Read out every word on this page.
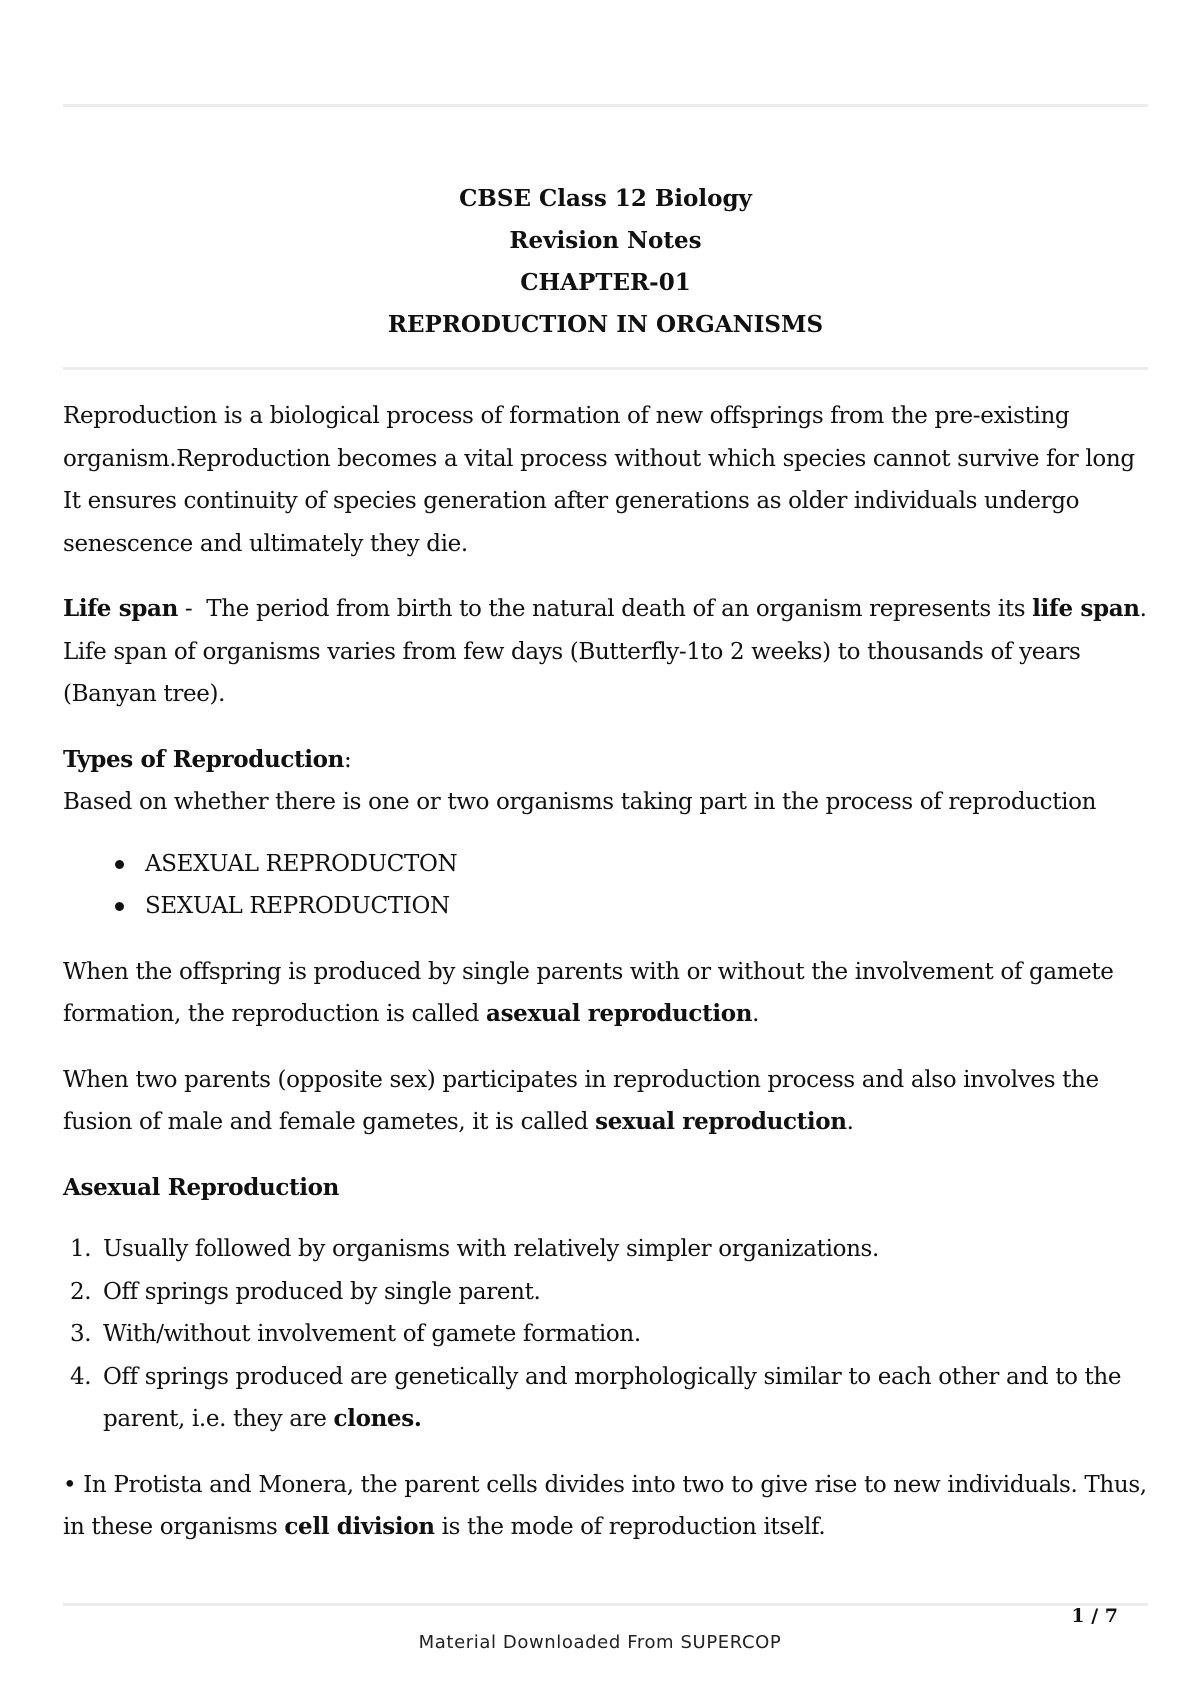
CBSE Class 12 Biology
Revision Notes
CHAPTER-01
REPRODUCTION IN ORGANISMS

Reproduction is a biological process of formation of new offsprings from the pre-existing organism.Reproduction becomes a vital process without which species cannot survive for long It ensures continuity of species generation after generations as older individuals undergo senescence and ultimately they die.

Life span -  The period from birth to the natural death of an organism represents its life span. Life span of organisms varies from few days (Butterfly-1to 2 weeks) to thousands of years (Banyan tree).

Types of Reproduction:

Based on whether there is one or two organisms taking part in the process of reproduction

ASEXUAL REPRODUCTON
SEXUAL REPRODUCTION

When the offspring is produced by single parents with or without the involvement of gamete formation, the reproduction is called asexual reproduction.

When two parents (opposite sex) participates in reproduction process and also involves the fusion of male and female gametes, it is called sexual reproduction.

Asexual Reproduction

1. Usually followed by organisms with relatively simpler organizations.
2. Off springs produced by single parent.
3. With/without involvement of gamete formation.
4. Off springs produced are genetically and morphologically similar to each other and to the parent, i.e. they are clones.

• In Protista and Monera, the parent cells divides into two to give rise to new individuals. Thus, in these organisms cell division is the mode of reproduction itself.

1 / 7
Material Downloaded From SUPERCOP
